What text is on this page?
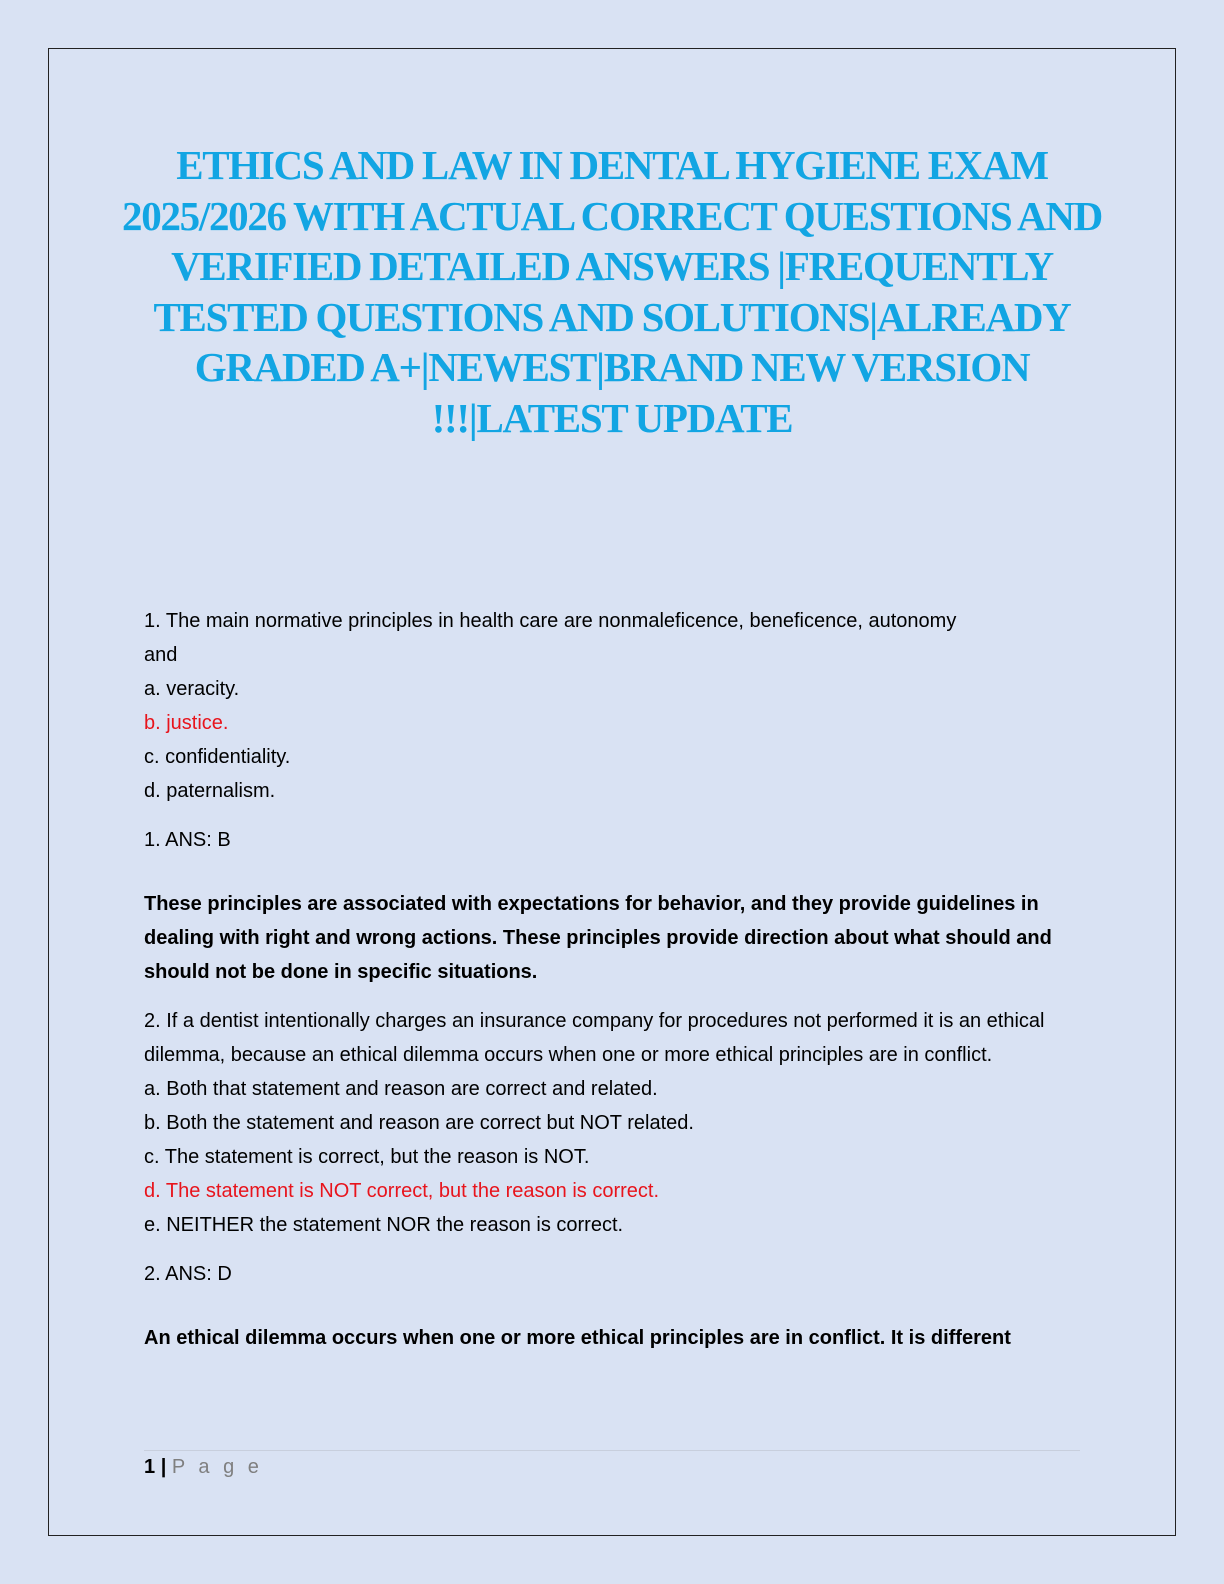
ETHICS AND LAW IN DENTAL HYGIENE EXAM 2025/2026 WITH ACTUAL CORRECT QUESTIONS AND VERIFIED DETAILED ANSWERS |FREQUENTLY TESTED QUESTIONS AND SOLUTIONS|ALREADY GRADED A+|NEWEST|BRAND NEW VERSION !!!|LATEST UPDATE

1. The main normative principles in health care are nonmaleficence, beneficence, autonomy

and

a. veracity.

b. justice.

c. confidentiality.

d. paternalism.

1. ANS: B

These principles are associated with expectations for behavior, and they provide guidelines in dealing with right and wrong actions. These principles provide direction about what should and should not be done in specific situations.

2. If a dentist intentionally charges an insurance company for procedures not performed it is an ethical dilemma, because an ethical dilemma occurs when one or more ethical principles are in conflict.

a. Both that statement and reason are correct and related.

b. Both the statement and reason are correct but NOT related.

c. The statement is correct, but the reason is NOT.

d. The statement is NOT correct, but the reason is correct.

e. NEITHER the statement NOR the reason is correct.

2. ANS: D

An ethical dilemma occurs when one or more ethical principles are in conflict. It is different

1 | P a g e
